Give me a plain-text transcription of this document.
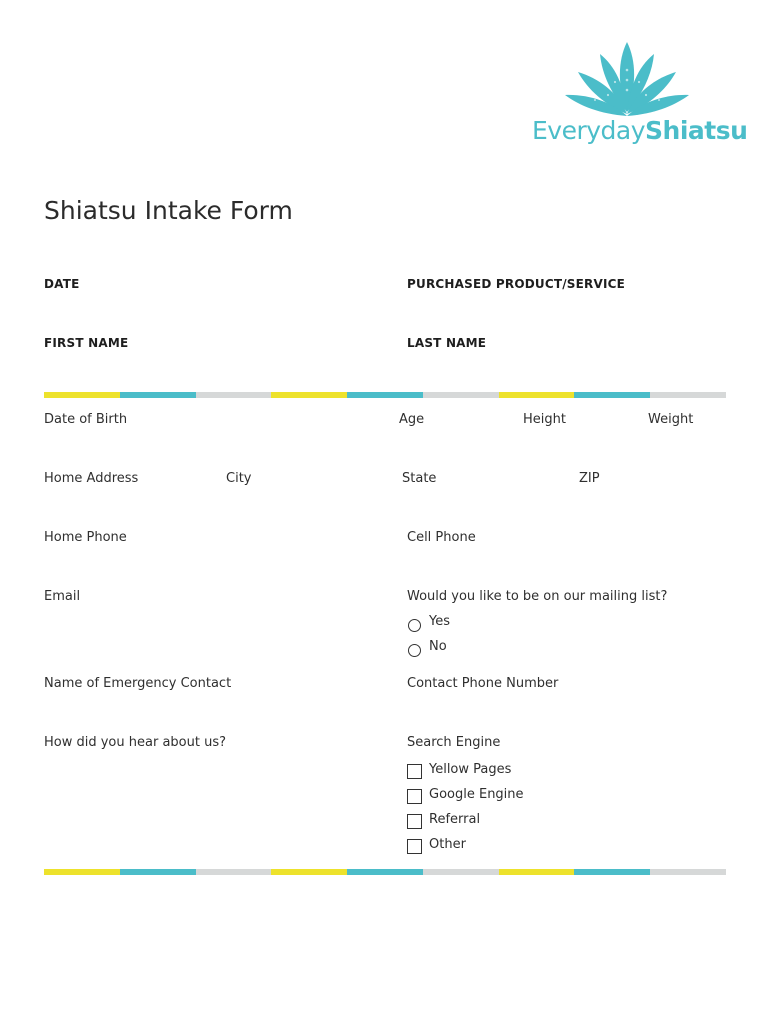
EverydayShiatsu
Shiatsu Intake Form
DATE	PURCHASED PRODUCT/SERVICE
FIRST NAME	LAST NAME
Date of Birth	Age	Height	Weight
Home Address	City	State	ZIP
Home Phone	Cell Phone
Email	Would you like to be on our mailing list?
Yes
No
Name of Emergency Contact	Contact Phone Number
How did you hear about us?	Search Engine
Yellow Pages
Google Engine
Referral
Other
